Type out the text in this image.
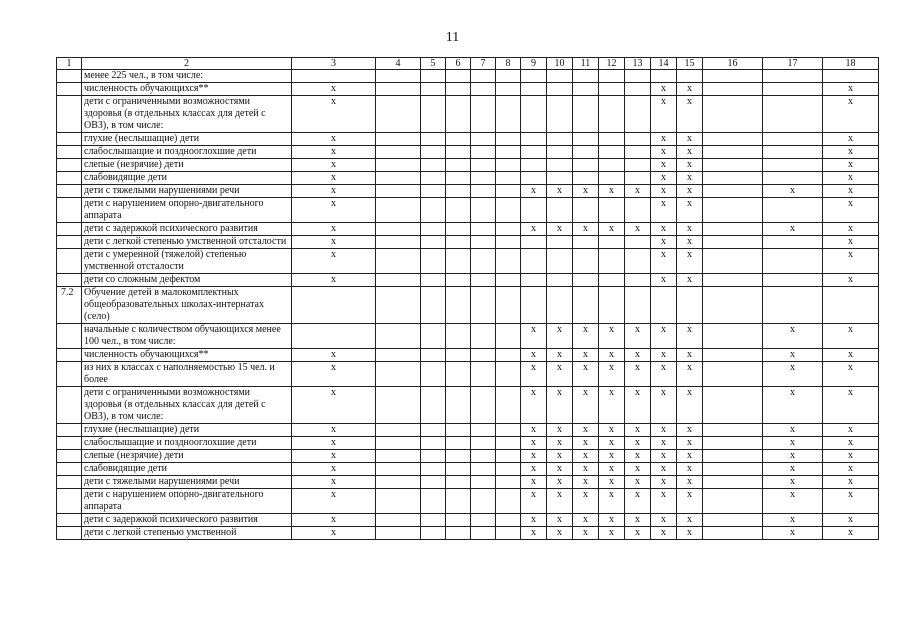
11
1	2	3	4	5	6	7	8	9	10	11	12	13	14	15	16	17	18
	менее 225 чел., в том числе:																
	численность обучающихся**	x											x	x			x
	дети с ограниченными возможностями здоровья (в отдельных классах для детей с ОВЗ), в том числе:	x											x	x			x
	глухие (неслышащие) дети	x											x	x			x
	слабослышащие и позднооглохшие дети	x											x	x			x
	слепые (незрячие) дети	x											x	x			x
	слабовидящие дети	x											x	x			x
	дети с тяжелыми нарушениями речи	x						x	x	x	x	x	x	x		x	x
	дети с нарушением опорно-двигательного аппарата	x											x	x			x
	дети с задержкой психического развития	x						x	x	x	x	x	x	x		x	x
	дети с легкой степенью умственной отсталости	x											x	x			x
	дети с умеренной (тяжелой) степенью умственной отсталости	x											x	x			x
	дети со сложным дефектом	x											x	x			x
7.2	Обучение детей в малокомплектных общеобразовательных школах-интернатах (село)																
	начальные с количеством обучающихся менее 100 чел., в том числе:							x	x	x	x	x	x	x		x	x
	численность обучающихся**	x						x	x	x	x	x	x	x		x	x
	из них в классах с наполняемостью 15 чел. и более	x						x	x	x	x	x	x	x		x	x
	дети с ограниченными возможностями здоровья (в отдельных классах для детей с ОВЗ), в том числе:	x						x	x	x	x	x	x	x		x	x
	глухие (неслышащие) дети	x						x	x	x	x	x	x	x		x	x
	слабослышащие и позднооглохшие дети	x						x	x	x	x	x	x	x		x	x
	слепые (незрячие) дети	x						x	x	x	x	x	x	x		x	x
	слабовидящие дети	x						x	x	x	x	x	x	x		x	x
	дети с тяжелыми нарушениями речи	x						x	x	x	x	x	x	x		x	x
	дети с нарушением опорно-двигательного аппарата	x						x	x	x	x	x	x	x		x	x
	дети с задержкой психического развития	x						x	x	x	x	x	x	x		x	x
	дети с легкой степенью умственной	x						x	x	x	x	x	x	x		x	x
